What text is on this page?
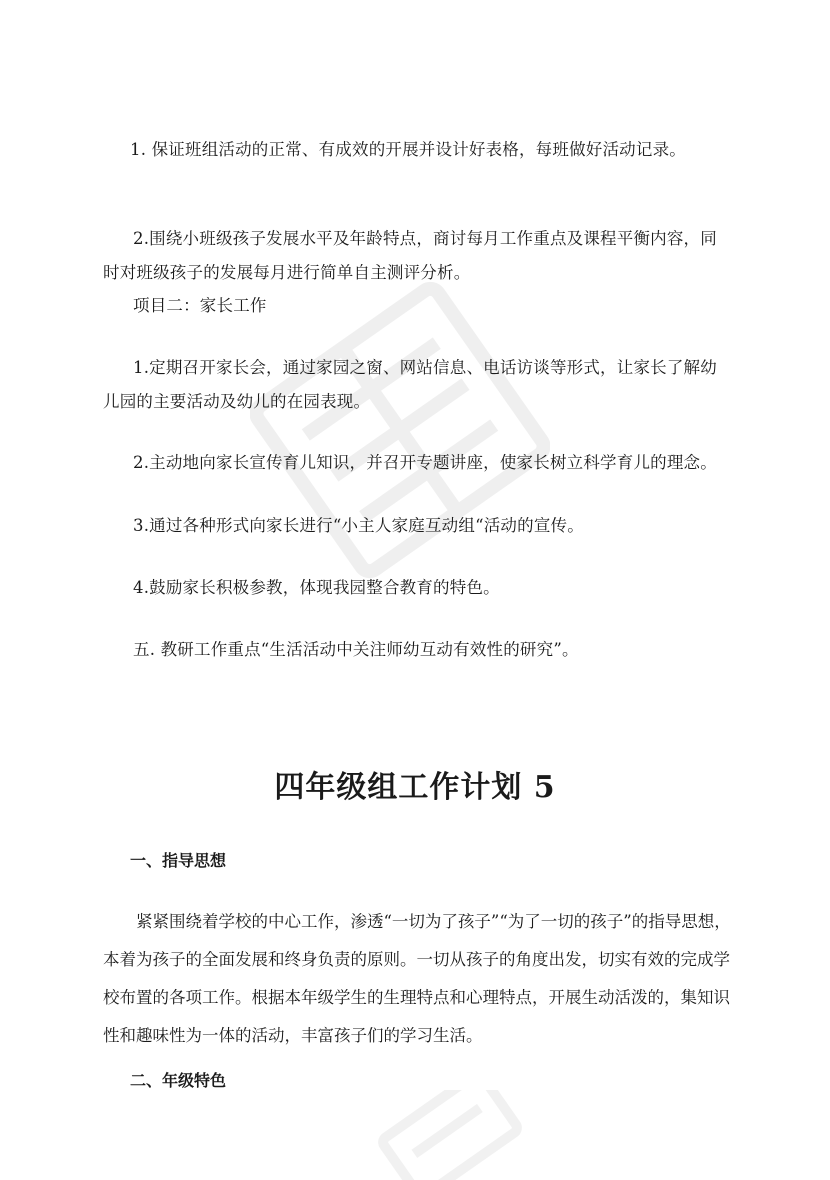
1. 保证班组活动的正常、有成效的开展并设计好表格，每班做好活动记录。

2.围绕小班级孩子发展水平及年龄特点，商讨每月工作重点及课程平衡内容，同时对班级孩子的发展每月进行简单自主测评分析。

项目二：家长工作

1.定期召开家长会，通过家园之窗、网站信息、电话访谈等形式，让家长了解幼儿园的主要活动及幼儿的在园表现。

2.主动地向家长宣传育儿知识，并召开专题讲座，使家长树立科学育儿的理念。

3.通过各种形式向家长进行“小主人家庭互动组“活动的宣传。

4.鼓励家长积极参教，体现我园整合教育的特色。

五. 教研工作重点“生活活动中关注师幼互动有效性的研究”。

四年级组工作计划 5
一、指导思想

紧紧围绕着学校的中心工作，渗透“一切为了孩子”“为了一切的孩子”的指导思想，本着为孩子的全面发展和终身负责的原则。一切从孩子的角度出发，切实有效的完成学校布置的各项工作。根据本年级学生的生理特点和心理特点，开展生动活泼的，集知识性和趣味性为一体的活动，丰富孩子们的学习生活。

二、年级特色
